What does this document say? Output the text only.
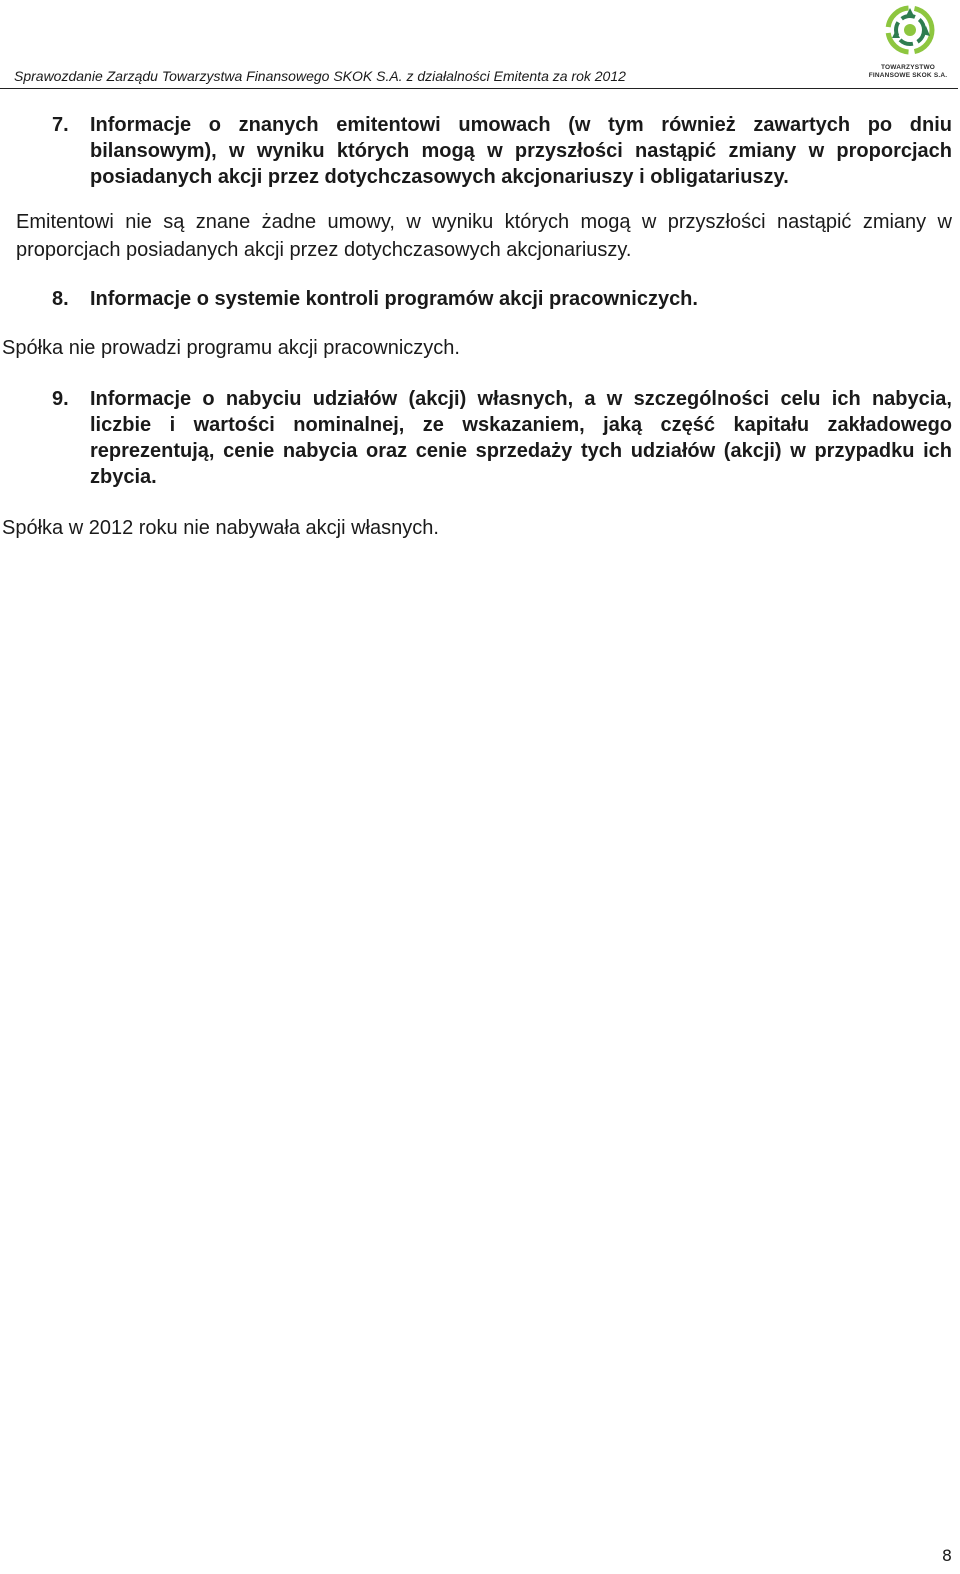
Sprawozdanie Zarządu Towarzystwa Finansowego SKOK S.A. z działalności Emitenta za rok 2012
TOWARZYSTWO
FINANSOWE SKOK S.A.
7. Informacje o znanych emitentowi umowach (w tym również zawartych po dniu bilansowym), w wyniku których mogą w przyszłości nastąpić zmiany w proporcjach posiadanych akcji przez dotychczasowych akcjonariuszy i obligatariuszy.

Emitentowi nie są znane żadne umowy, w wyniku których mogą w przyszłości nastąpić zmiany w proporcjach posiadanych akcji przez dotychczasowych akcjonariuszy.

8. Informacje o systemie kontroli programów akcji pracowniczych.

Spółka nie prowadzi programu akcji pracowniczych.

9. Informacje o nabyciu udziałów (akcji) własnych, a w szczególności celu ich nabycia, liczbie i wartości nominalnej, ze wskazaniem, jaką część kapitału zakładowego reprezentują, cenie nabycia oraz cenie sprzedaży tych udziałów (akcji) w przypadku ich zbycia.

Spółka w 2012 roku nie nabywała akcji własnych.

8
